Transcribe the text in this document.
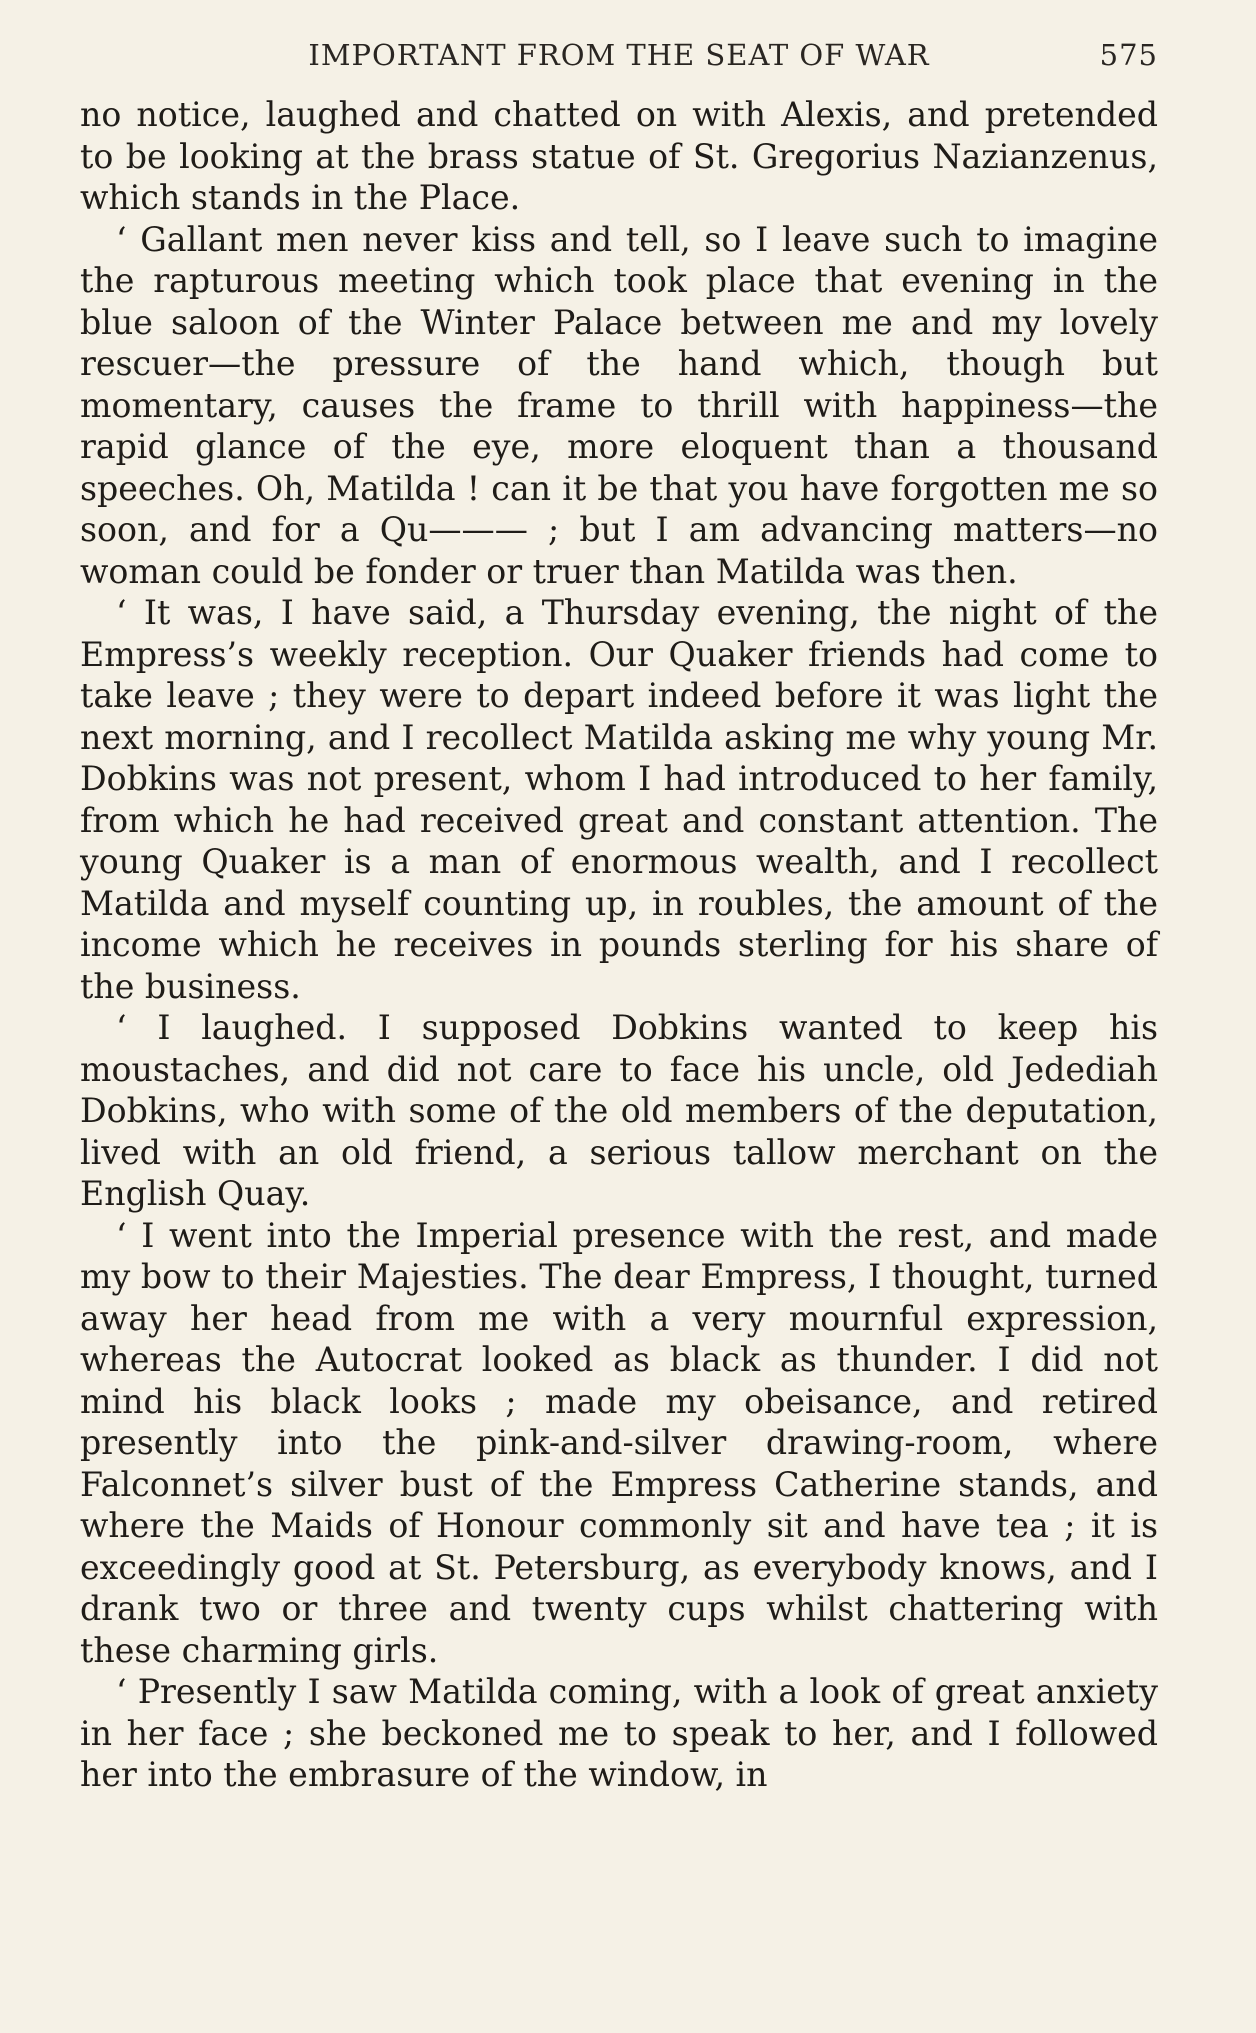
IMPORTANT FROM THE SEAT OF WAR	575

no notice, laughed and chatted on with Alexis, and pretended to be looking at the brass statue of St. Gregorius Nazianzenus, which stands in the Place.

‘ Gallant men never kiss and tell, so I leave such to imagine the rapturous meeting which took place that evening in the blue saloon of the Winter Palace between me and my lovely rescuer—the pressure of the hand which, though but momentary, causes the frame to thrill with happiness—the rapid glance of the eye, more eloquent than a thousand speeches. Oh, Matilda ! can it be that you have forgotten me so soon, and for a Qu——— ; but I am advancing matters—no woman could be fonder or truer than Matilda was then.

‘ It was, I have said, a Thursday evening, the night of the Empress’s weekly reception. Our Quaker friends had come to take leave ; they were to depart indeed before it was light the next morning, and I recollect Matilda asking me why young Mr. Dobkins was not present, whom I had introduced to her family, from which he had received great and constant attention. The young Quaker is a man of enormous wealth, and I recollect Matilda and myself counting up, in roubles, the amount of the income which he receives in pounds sterling for his share of the business.

‘ I laughed. I supposed Dobkins wanted to keep his moustaches, and did not care to face his uncle, old Jedediah Dobkins, who with some of the old members of the deputation, lived with an old friend, a serious tallow merchant on the English Quay.

‘ I went into the Imperial presence with the rest, and made my bow to their Majesties. The dear Empress, I thought, turned away her head from me with a very mournful expression, whereas the Autocrat looked as black as thunder. I did not mind his black looks ; made my obeisance, and retired presently into the pink-and-silver drawing-room, where Falconnet’s silver bust of the Empress Catherine stands, and where the Maids of Honour commonly sit and have tea ; it is exceedingly good at St. Petersburg, as everybody knows, and I drank two or three and twenty cups whilst chattering with these charming girls.

‘ Presently I saw Matilda coming, with a look of great anxiety in her face ; she beckoned me to speak to her, and I followed her into the embrasure of the window, in
